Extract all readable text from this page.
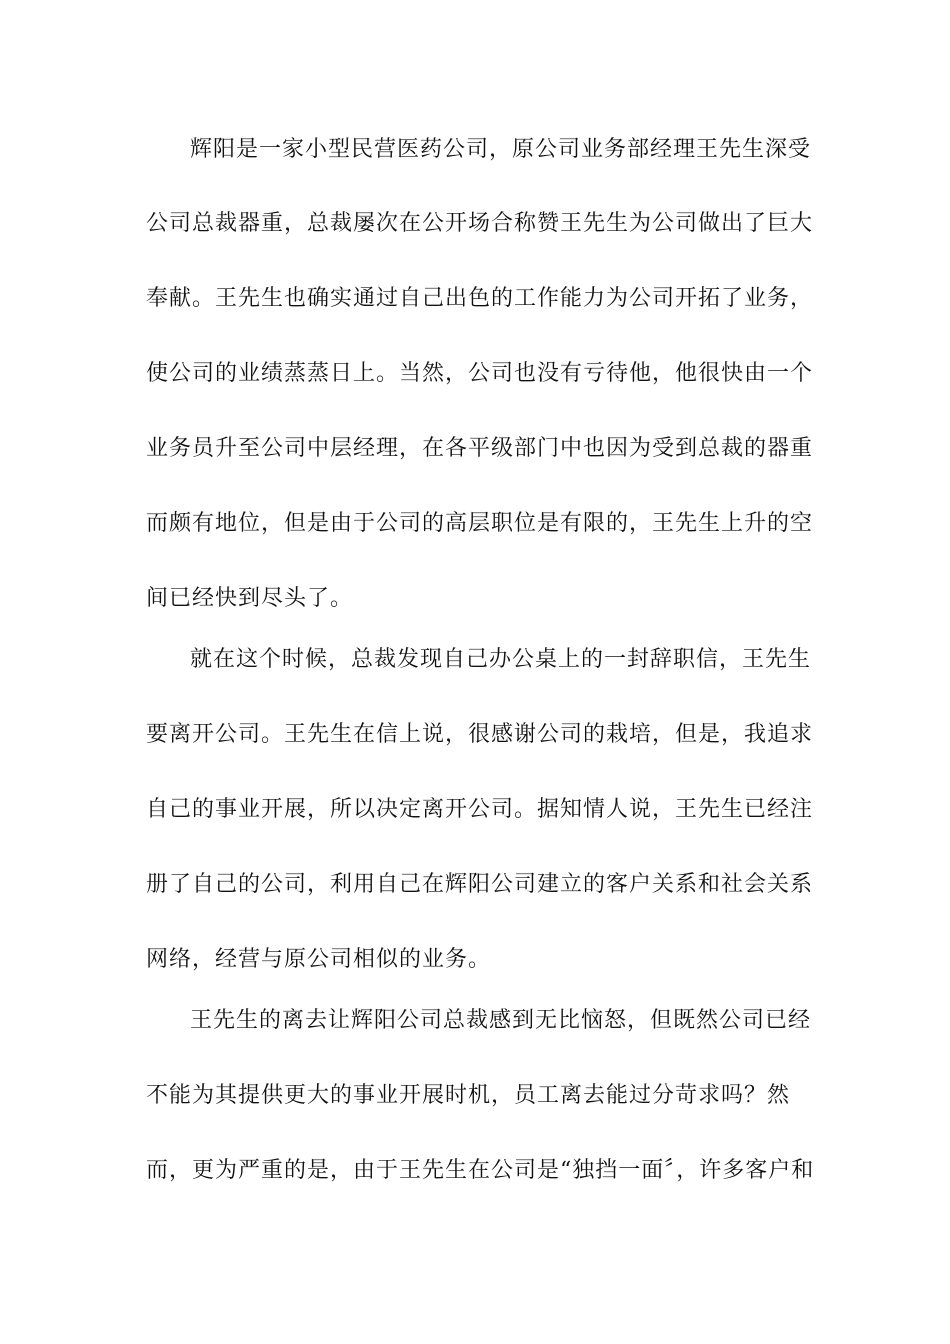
辉阳是一家小型民营医药公司，原公司业务部经理王先生深受
公司总裁器重，总裁屡次在公开场合称赞王先生为公司做出了巨大
奉献。王先生也确实通过自己出色的工作能力为公司开拓了业务，
使公司的业绩蒸蒸日上。当然，公司也没有亏待他，他很快由一个
业务员升至公司中层经理，在各平级部门中也因为受到总裁的器重
而颇有地位，但是由于公司的高层职位是有限的，王先生上升的空
间已经快到尽头了。
就在这个时候，总裁发现自己办公桌上的一封辞职信，王先生
要离开公司。王先生在信上说，很感谢公司的栽培，但是，我追求
自己的事业开展，所以决定离开公司。据知情人说，王先生已经注
册了自己的公司，利用自己在辉阳公司建立的客户关系和社会关系
网络，经营与原公司相似的业务。
王先生的离去让辉阳公司总裁感到无比恼怒，但既然公司已经
不能为其提供更大的事业开展时机，员工离去能过分苛求吗？然
而，更为严重的是，由于王先生在公司是“独挡一面〞，许多客户和
